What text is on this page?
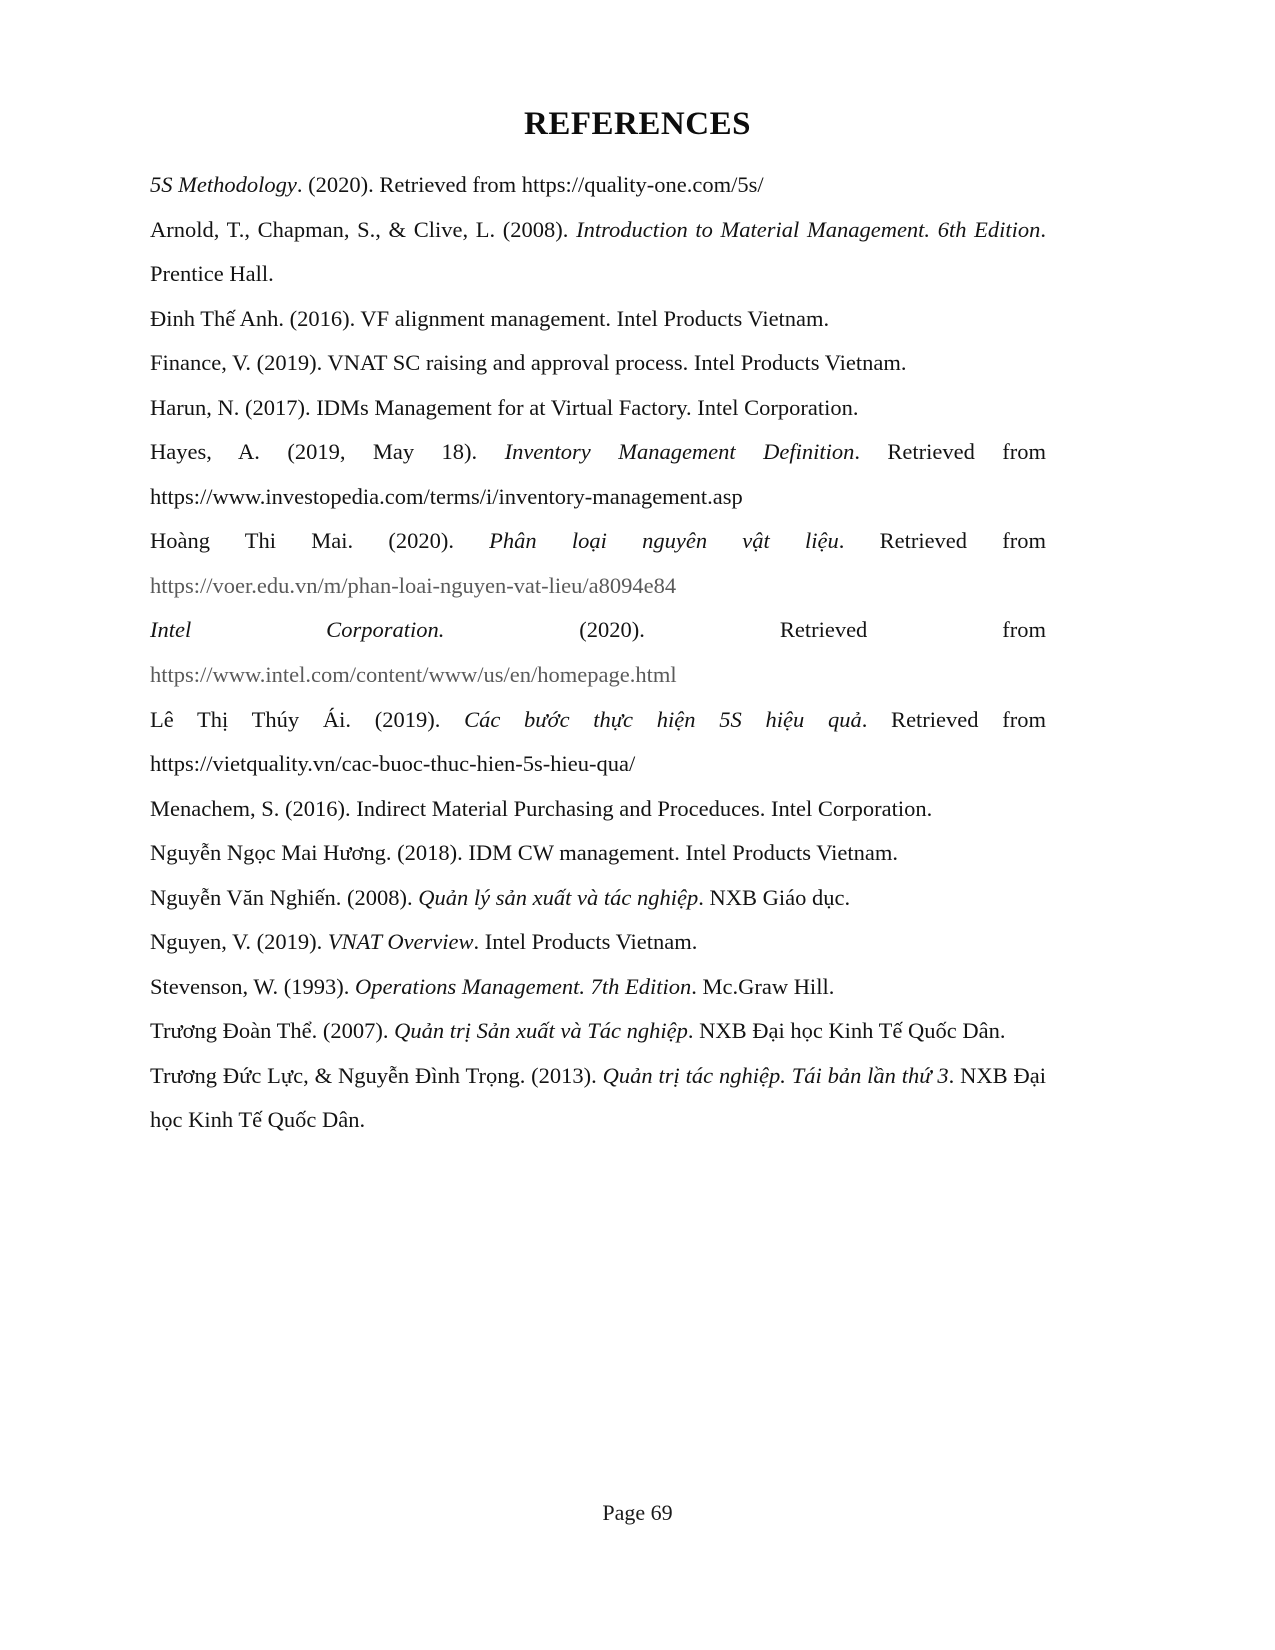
REFERENCES

5S Methodology. (2020). Retrieved from https://quality-one.com/5s/

Arnold, T., Chapman, S., & Clive, L. (2008). Introduction to Material Management. 6th Edition. Prentice Hall.

Đinh Thế Anh. (2016). VF alignment management. Intel Products Vietnam.

Finance, V. (2019). VNAT SC raising and approval process. Intel Products Vietnam.

Harun, N. (2017). IDMs Management for at Virtual Factory. Intel Corporation.

Hayes, A. (2019, May 18). Inventory Management Definition. Retrieved from

https://www.investopedia.com/terms/i/inventory-management.asp

Hoàng Thi Mai. (2020). Phân loại nguyên vật liệu. Retrieved from

https://voer.edu.vn/m/phan-loai-nguyen-vat-lieu/a8094e84

Intel Corporation. (2020). Retrieved from

https://www.intel.com/content/www/us/en/homepage.html

Lê Thị Thúy Ái. (2019). Các bước thực hiện 5S hiệu quả. Retrieved from

https://vietquality.vn/cac-buoc-thuc-hien-5s-hieu-qua/

Menachem, S. (2016). Indirect Material Purchasing and Proceduces. Intel Corporation.

Nguyễn Ngọc Mai Hương. (2018). IDM CW management. Intel Products Vietnam.

Nguyễn Văn Nghiến. (2008). Quản lý sản xuất và tác nghiệp. NXB Giáo dục.

Nguyen, V. (2019). VNAT Overview. Intel Products Vietnam.

Stevenson, W. (1993). Operations Management. 7th Edition. Mc.Graw Hill.

Trương Đoàn Thể. (2007). Quản trị Sản xuất và Tác nghiệp. NXB Đại học Kinh Tế Quốc Dân.

Trương Đức Lực, & Nguyễn Đình Trọng. (2013). Quản trị tác nghiệp. Tái bản lần thứ 3. NXB Đại học Kinh Tế Quốc Dân.

Page 69
